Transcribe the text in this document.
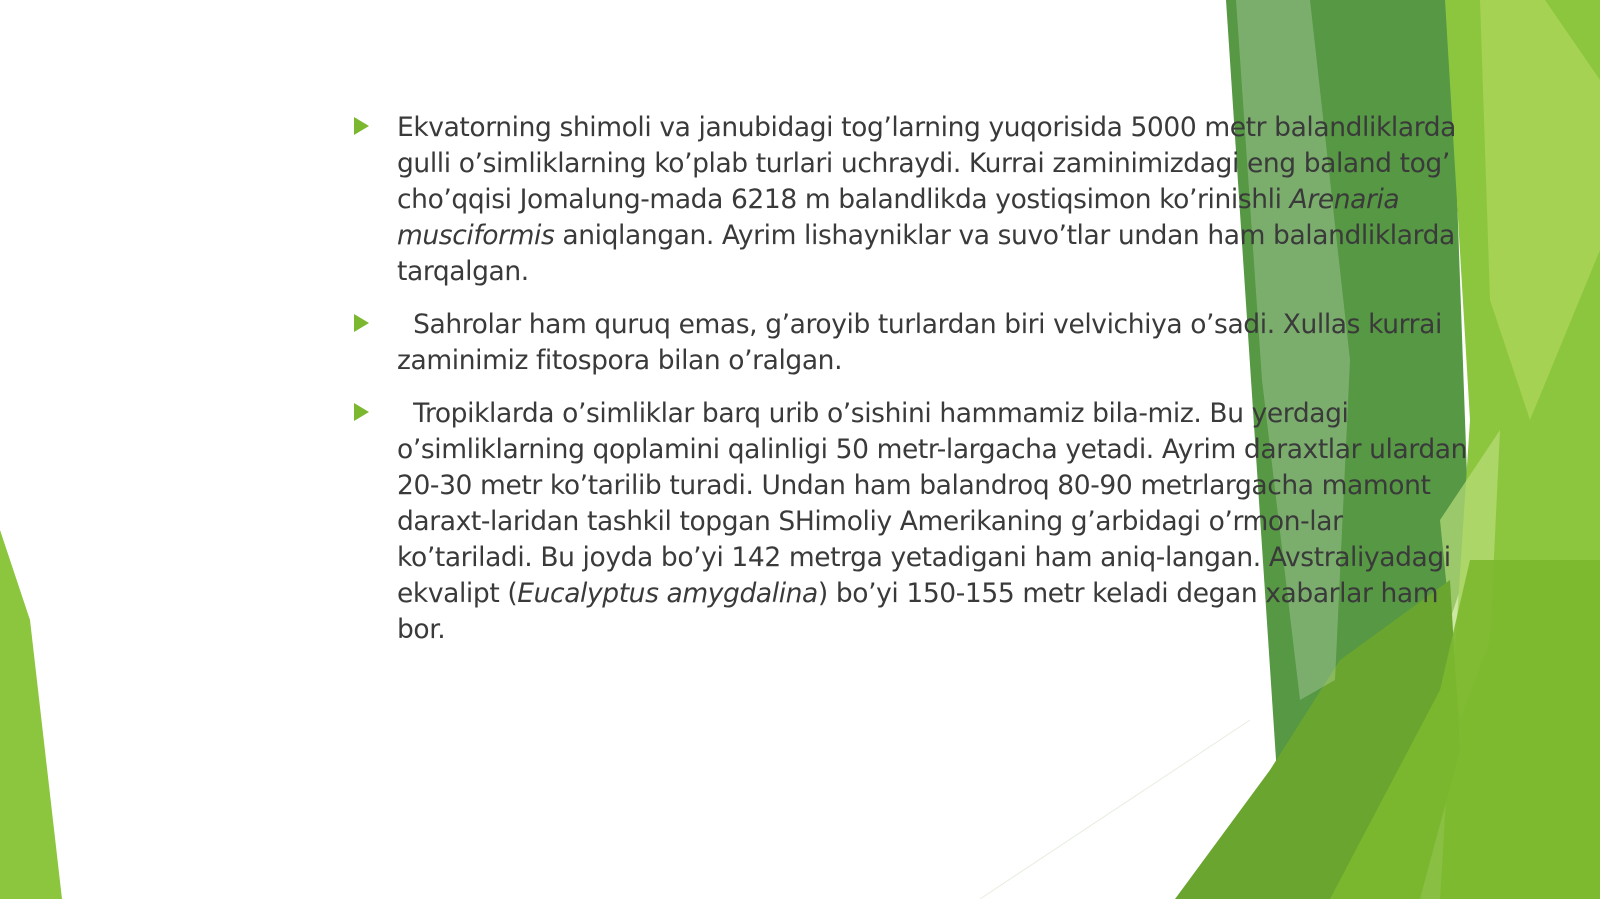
Ekvatorning shimoli va janubidagi tog’larning yuqorisida 5000 metr balandliklarda gulli o’simliklarning ko’plab turlari uchraydi. Kurrai zaminimizdagi eng baland tog’ cho’qqisi Jomalung-mada 6218 m balandlikda yostiqsimon ko’rinishli Arenaria musciformis aniqlangan. Ayrim lishayniklar va suvo’tlar undan ham balandliklarda tarqalgan.
Sahrolar ham quruq emas, g’aroyib turlardan biri velvichiya o’sadi. Xullas kurrai zaminimiz fitospora bilan o’ralgan.
Tropiklarda o’simliklar barq urib o’sishini hammamiz bila-miz. Bu yerdagi o’simliklarning qoplamini qalinligi 50 metr-largacha yetadi. Ayrim daraxtlar ulardan 20-30 metr ko’tarilib turadi. Undan ham balandroq 80-90 metrlargacha mamont daraxt-laridan tashkil topgan SHimoliy Amerikaning g’arbidagi o’rmon-lar ko’tariladi. Bu joyda bo’yi 142 metrga yetadigani ham aniq-langan. Avstraliyadagi ekvalipt (Eucalyptus amygdalina) bo’yi 150-155 metr keladi degan xabarlar ham bor.
